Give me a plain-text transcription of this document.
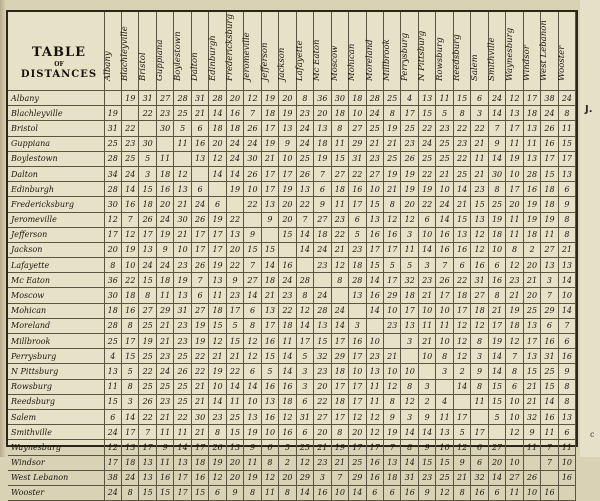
	Albany	Blachleyville	Bristol	Guppiana	Boylestown	Dalton	Edinburgh	Fredericksburg	Jeromeville	Jefferson	Jackson	Lafayette	Mc Eaton	Moscow	Mohican	Moreland	Millbrook	Perrysburg	N Pittsburg	Rowsburg	Reedsburg	Salem	Smithville	Waynesburg	Windsor	West Lebanon	Wooster

Albany		19	31	27	28	31	28	20	12	19	20	8	36	30	18	28	25	4	13	11	15	6	24	12	17	38	24
Blachleyville	19		22	23	25	21	14	16	7	18	19	23	20	18	10	24	8	17	15	5	8	3	14	13	18	24	8
Bristol	31	22		30	5	6	18	18	26	17	13	24	13	8	27	25	19	25	22	23	22	22	7	17	13	26	11
Guppiana	25	23	30		11	16	20	24	24	19	9	24	18	11	29	21	21	23	24	25	23	21	9	11	11	16	15
Boylestown	28	25	5	11		13	12	24	30	21	10	25	19	15	31	23	25	26	25	25	22	11	14	19	13	17	17
Dalton	34	24	3	18	12		14	14	26	17	17	26	7	27	22	27	19	19	22	21	25	21	30	10	28	15	13
Edinburgh	28	14	15	16	13	6		19	10	17	19	13	6	18	16	10	21	19	19	10	14	23	8	17	16	18	6
Fredericksburg	30	16	18	20	21	24	6		22	13	20	22	9	11	17	15	8	20	22	24	21	15	25	20	19	18	9
Jeromeville	12	7	26	24	30	26	19	22		9	20	7	27	23	6	13	12	12	6	14	15	13	19	11	19	19	8
Jefferson	17	12	17	19	21	17	17	13	9		15	14	18	22	5	16	16	3	10	16	13	12	18	11	18	11	8
Jackson	20	19	13	9	10	17	17	20	15	15		14	24	21	23	17	17	11	14	16	16	12	10	8	2	27	21
Lafayette	8	10	24	24	23	26	19	22	7	14	16		23	12	18	15	5	5	3	7	6	16	6	12	20	13	13
Mc Eaton	36	22	15	18	19	7	13	9	27	18	24	28		8	28	14	17	32	23	26	22	31	16	23	21	3	14
Moscow	30	18	8	11	13	6	11	23	14	21	23	8	24		13	16	29	18	21	17	18	27	8	21	20	7	10
Mohican	18	16	27	29	31	27	18	17	6	13	22	12	28	24		14	10	17	10	10	17	18	21	19	25	29	14
Moreland	28	8	25	21	23	19	15	5	8	17	18	14	13	14	3		23	13	11	11	12	12	17	18	13	6	7
Millbrook	25	17	19	21	23	19	12	15	12	16	11	17	15	17	16	10		3	21	10	12	8	19	12	17	16	6
Perrysburg	4	15	25	23	25	22	21	21	12	15	14	5	32	29	17	23	21		10	8	12	3	14	7	13	31	16
N Pittsburg	13	5	22	24	26	22	19	22	6	5	14	3	23	18	10	13	10	10		3	2	9	14	8	15	25	9
Rowsburg	11	8	25	25	25	21	10	14	14	16	16	3	20	17	17	11	12	8	3		14	8	15	6	21	15	8
Reedsburg	15	3	26	23	25	21	14	11	10	13	18	6	22	18	17	11	8	12	2	4		11	15	10	21	14	8
Salem	6	14	22	21	22	30	23	25	13	16	12	31	27	17	12	12	9	3	9	11	17		5	10	32	16	13
Smithville	24	17	7	11	11	21	8	15	19	10	16	6	20	8	20	12	19	14	14	13	5	17		12	9	11	6
Waynesburg	12	13	17	9	14	17	26	13	9	6	5	25	21	19	17	17	7	8	9	10	12	6	27		11	7	11
Windsor	17	18	13	11	13	18	19	20	11	8	2	12	23	21	25	16	13	14	15	15	9	6	20	10		7	10
West Lebanon	38	24	13	16	17	16	12	20	19	12	20	29	3	7	29	16	18	31	23	25	21	32	14	27	26		16
Wooster	24	8	15	15	17	15	6	9	8	11	8	14	16	10	14	6	6	16	9	12	8	16	6	11	10	16	
TABLE
OF
DISTANCES
J.
c
